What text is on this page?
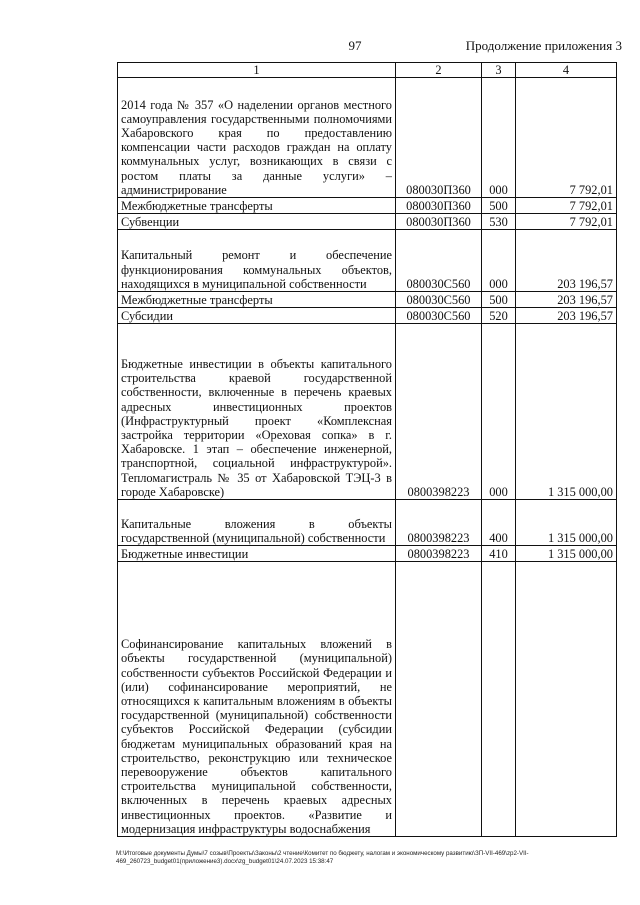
97	Продолжение приложения 3
1	2	3	4
2014 года № 357 «О наделении органов местного самоуправления государственными полномочиями Хабаровского края по предоставлению компенсации части расходов граждан на оплату коммунальных услуг, возникающих в связи с ростом платы за данные услуги» – администрирование	080030П360	000	7 792,01
Межбюджетные трансферты	080030П360	500	7 792,01
Субвенции	080030П360	530	7 792,01
Капитальный ремонт и обеспечение функционирования коммунальных объектов, находящихся в муниципальной собственности	080030С560	000	203 196,57
Межбюджетные трансферты	080030С560	500	203 196,57
Субсидии	080030С560	520	203 196,57
Бюджетные инвестиции в объекты капитального строительства краевой государственной собственности, включенные в перечень краевых адресных инвестиционных проектов (Инфраструктурный проект «Комплексная застройка территории «Ореховая сопка» в г. Хабаровске. 1 этап – обеспечение инженерной, транспортной, социальной инфраструктурой». Тепломагистраль № 35 от Хабаровской ТЭЦ-3 в городе Хабаровске)	0800398223	000	1 315 000,00
Капитальные вложения в объекты государственной (муниципальной) собственности	0800398223	400	1 315 000,00
Бюджетные инвестиции	0800398223	410	1 315 000,00
Софинансирование капитальных вложений в объекты государственной (муниципальной) собственности субъектов Российской Федерации и (или) софинансирование мероприятий, не относящихся к капитальным вложениям в объекты государственной (муниципальной) собственности субъектов Российской Федерации (субсидии бюджетам муниципальных образований края на строительство, реконструкцию или техническое перевооружение объектов капитального строительства муниципальной собственности, включенных в перечень краевых адресных инвестиционных проектов. «Развитие и модернизация инфраструктуры водоснабжения			
M:\Итоговые документы Думы\7 созыв\Проекты\Законы\2 чтение\Комитет по бюджету, налогам и экономическому развитию\ЗП-VII-469\zp2-VII-469_260723_budget01(приложение3).docx\zg_budget01\24.07.2023 15:38:47
